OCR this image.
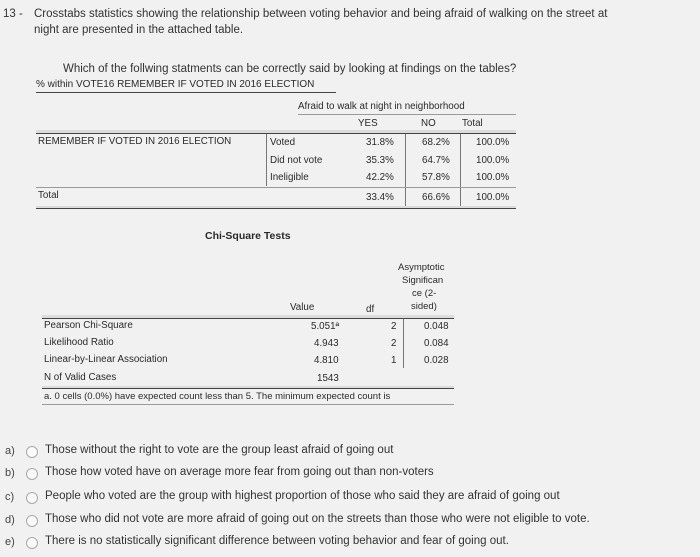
13 - Crosstabs statistics showing the relationship between voting behavior and being afraid of walking on the street at
night are presented in the attached table.
Which of the follwing statments can be correctly said by looking at findings on the tables?
% within VOTE16 REMEMBER IF VOTED IN 2016 ELECTION
Afraid to walk at night in neighborhood
YES	NO	Total
REMEMBER IF VOTED IN 2016 ELECTION	Voted	31.8%	68.2%	100.0%
Did not vote	35.3%	64.7%	100.0%
Ineligible	42.2%	57.8%	100.0%
Total	33.4%	66.6%	100.0%
Chi-Square Tests
Asymptotic
Significan
ce (2-
sided)
Value	df
Pearson Chi-Square	5.051ª	2	0.048
Likelihood Ratio	4.943	2	0.084
Linear-by-Linear Association	4.810	1	0.028
N of Valid Cases	1543
a. 0 cells (0.0%) have expected count less than 5. The minimum expected count is
a)	Those without the right to vote are the group least afraid of going out
b)	Those how voted have on average more fear from going out than non-voters
c)	People who voted are the group with highest proportion of those who said they are afraid of going out
d)	Those who did not vote are more afraid of going out on the streets than those who were not eligible to vote.
e)	There is no statistically significant difference between voting behavior and fear of going out.
